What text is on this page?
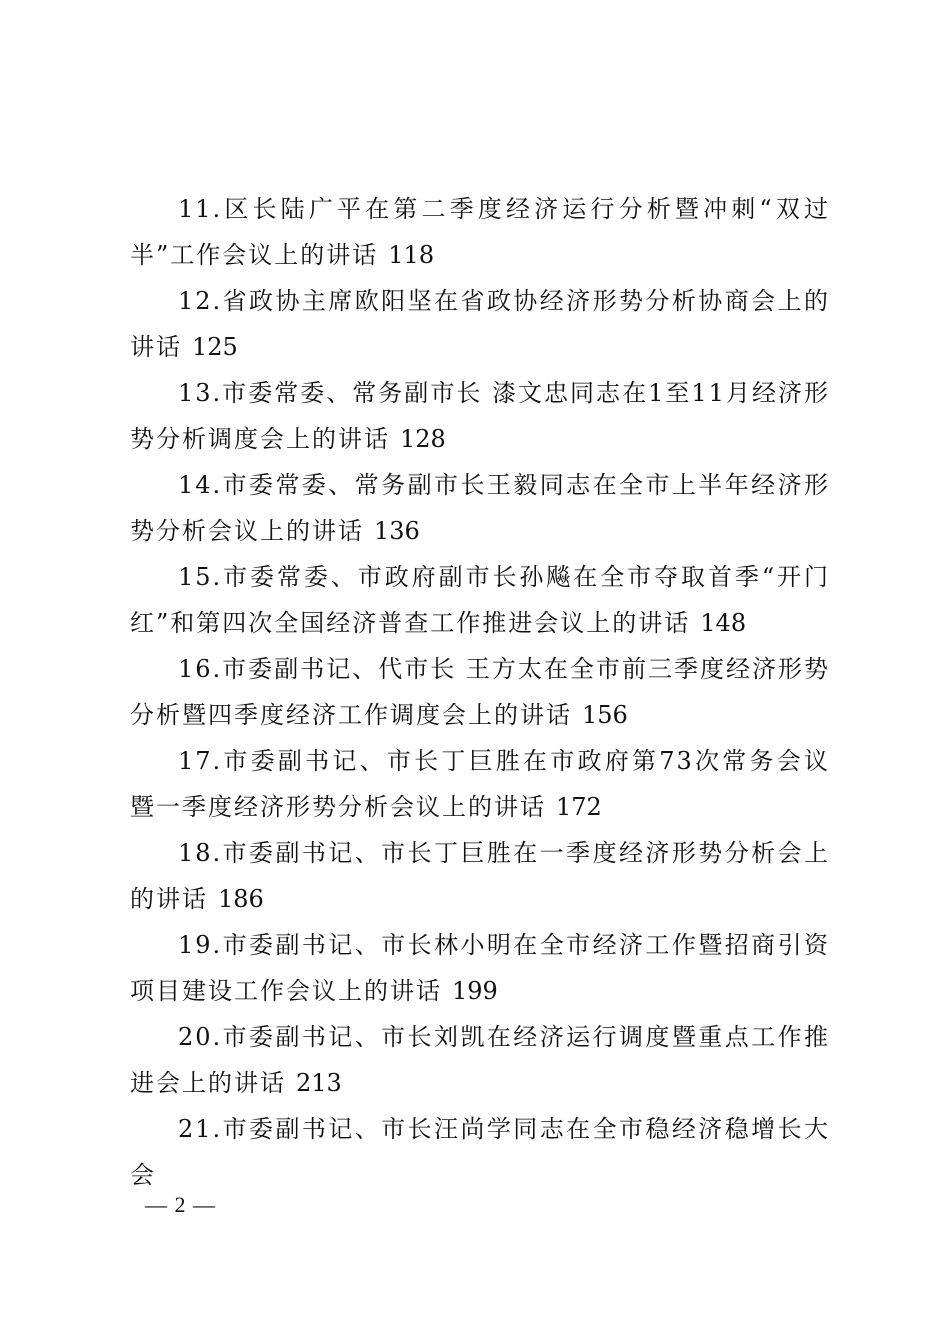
11.区长陆广平在第二季度经济运行分析暨冲刺“双过半”工作会议上的讲话 118

12.省政协主席欧阳坚在省政协经济形势分析协商会上的讲话 125

13.市委常委、常务副市长 漆文忠同志在1至11月经济形势分析调度会上的讲话 128

14.市委常委、常务副市长王毅同志在全市上半年经济形势分析会议上的讲话 136

15.市委常委、市政府副市长孙飚在全市夺取首季“开门红”和第四次全国经济普查工作推进会议上的讲话 148

16.市委副书记、代市长 王方太在全市前三季度经济形势分析暨四季度经济工作调度会上的讲话 156

17.市委副书记、市长丁巨胜在市政府第73次常务会议 暨一季度经济形势分析会议上的讲话 172

18.市委副书记、市长丁巨胜在一季度经济形势分析会上的讲话 186

19.市委副书记、市长林小明在全市经济工作暨招商引资项目建设工作会议上的讲话 199

20.市委副书记、市长刘凯在经济运行调度暨重点工作推进会上的讲话 213

21.市委副书记、市长汪尚学同志在全市稳经济稳增长大会

— 2 —
